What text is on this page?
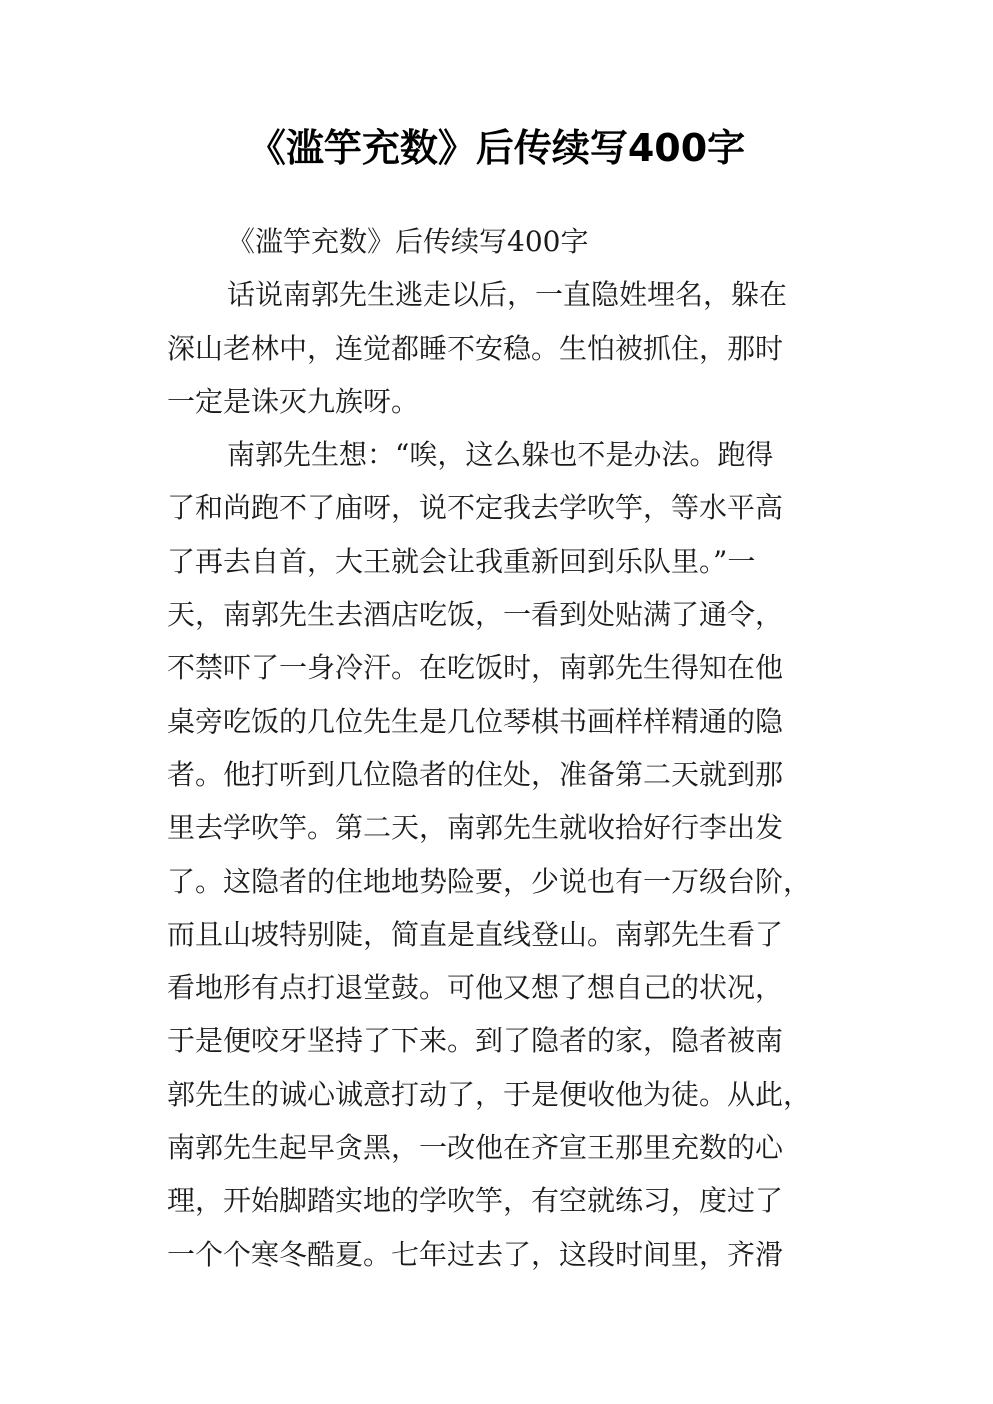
《滥竽充数》后传续写400字
《滥竽充数》后传续写400字
话说南郭先生逃走以后，一直隐姓埋名，躲在
深山老林中，连觉都睡不安稳。生怕被抓住，那时
一定是诛灭九族呀。
南郭先生想：“唉，这么躲也不是办法。跑得
了和尚跑不了庙呀，说不定我去学吹竽，等水平高
了再去自首，大王就会让我重新回到乐队里。”一
天，南郭先生去酒店吃饭，一看到处贴满了通令，
不禁吓了一身冷汗。在吃饭时，南郭先生得知在他
桌旁吃饭的几位先生是几位琴棋书画样样精通的隐
者。他打听到几位隐者的住处，准备第二天就到那
里去学吹竽。第二天，南郭先生就收拾好行李出发
了。这隐者的住地地势险要，少说也有一万级台阶，
而且山坡特别陡，简直是直线登山。南郭先生看了
看地形有点打退堂鼓。可他又想了想自己的状况，
于是便咬牙坚持了下来。到了隐者的家，隐者被南
郭先生的诚心诚意打动了，于是便收他为徒。从此，
南郭先生起早贪黑，一改他在齐宣王那里充数的心
理，开始脚踏实地的学吹竽，有空就练习，度过了
一个个寒冬酷夏。七年过去了，这段时间里，齐滑
